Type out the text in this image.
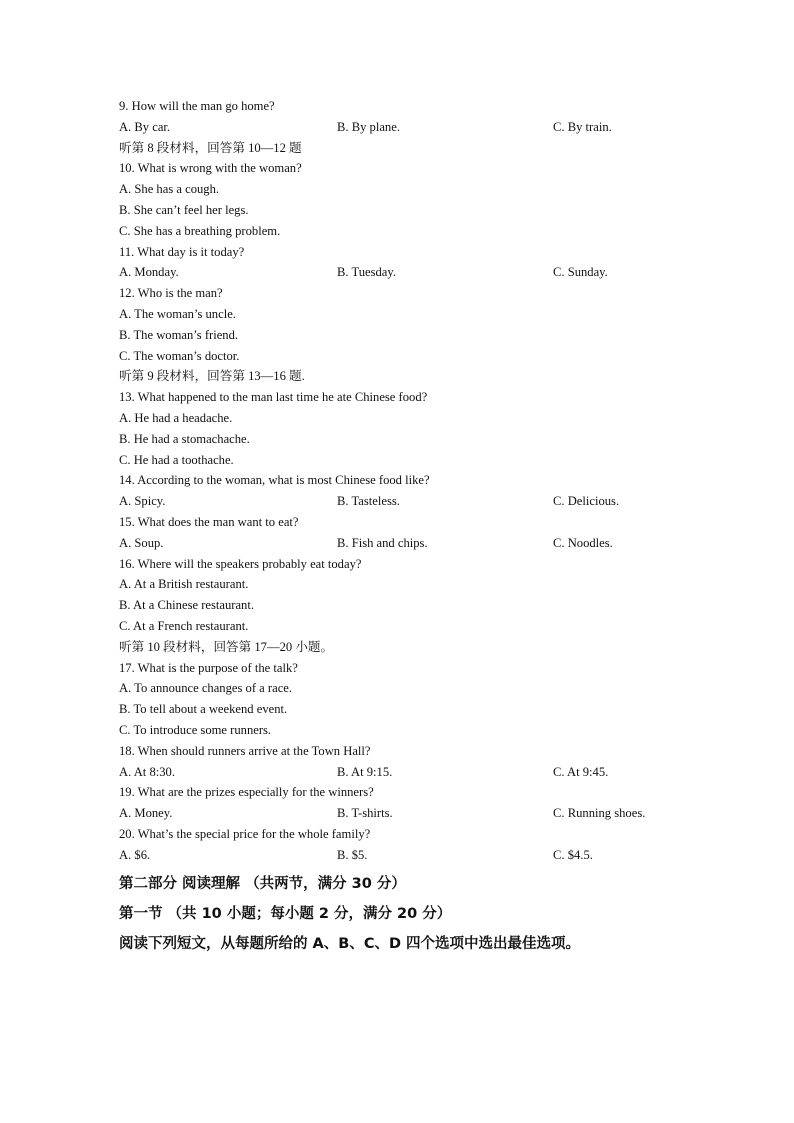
9. How will the man go home?
A. By car.	B. By plane.	C. By train.
听第 8 段材料，回答第 10—12 题
10. What is wrong with the woman?
A. She has a cough.
B. She can’t feel her legs.
C. She has a breathing problem.
11. What day is it today?
A. Monday.	B. Tuesday.	C. Sunday.
12. Who is the man?
A. The woman’s uncle.
B. The woman’s friend.
C. The woman’s doctor.
听第 9 段材料，回答第 13—16 题.
13. What happened to the man last time he ate Chinese food?
A. He had a headache.
B. He had a stomachache.
C. He had a toothache.
14. According to the woman, what is most Chinese food like?
A. Spicy.	B. Tasteless.	C. Delicious.
15. What does the man want to eat?
A. Soup.	B. Fish and chips.	C. Noodles.
16. Where will the speakers probably eat today?
A. At a British restaurant.
B. At a Chinese restaurant.
C. At a French restaurant.
听第 10 段材料，回答第 17—20 小题。
17. What is the purpose of the talk?
A. To announce changes of a race.
B. To tell about a weekend event.
C. To introduce some runners.
18. When should runners arrive at the Town Hall?
A. At 8:30.	B. At 9:15.	C. At 9:45.
19. What are the prizes especially for the winners?
A. Money.	B. T-shirts.	C. Running shoes.
20. What’s the special price for the whole family?
A. $6.	B. $5.	C. $4.5.
第二部分 阅读理解 （共两节，满分 30 分）
第一节 （共 10 小题；每小题 2 分，满分 20 分）
阅读下列短文，从每题所给的 A、B、C、D 四个选项中选出最佳选项。
